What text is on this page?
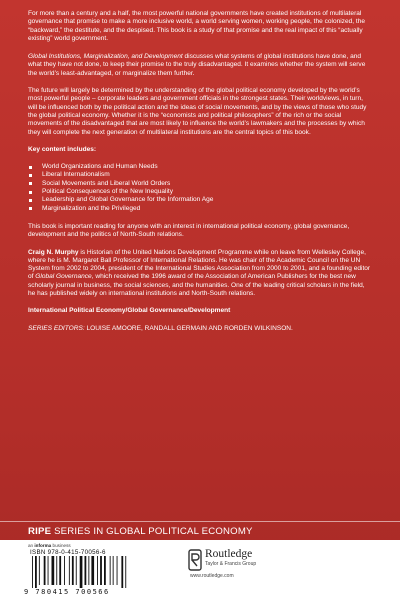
For more than a century and a half, the most powerful national governments have created institutions of multilateral governance that promise to make a more inclusive world, a world serving women, working people, the colonized, the “backward,” the destitute, and the despised. This book is a study of that promise and the real impact of this “actually existing” world government.

Global Institutions, Marginalization, and Development discusses what systems of global institutions have done, and what they have not done, to keep their promise to the truly disadvantaged. It examines whether the system will serve the world’s least-advantaged, or marginalize them further.

The future will largely be determined by the understanding of the global political economy developed by the world’s most powerful people – corporate leaders and government officials in the strongest states. Their worldviews, in turn, will be influenced both by the political action and the ideas of social movements, and by the views of those who study the global political economy. Whether it is the “economists and political philosophers” of the rich or the social movements of the disadvantaged that are most likely to influence the world’s lawmakers and the processes by which they will complete the next generation of multilateral institutions are the central topics of this book.

Key content includes:

World Organizations and Human Needs
Liberal Internationalism
Social Movements and Liberal World Orders
Political Consequences of the New Inequality
Leadership and Global Governance for the Information Age
Marginalization and the Privileged

This book is important reading for anyone with an interest in international political economy, global governance, development and the politics of North-South relations.

Craig N. Murphy is Historian of the United Nations Development Programme while on leave from Wellesley College, where he is M. Margaret Ball Professor of International Relations. He was chair of the Academic Council on the UN System from 2002 to 2004, president of the International Studies Association from 2000 to 2001, and a founding editor of Global Governance, which received the 1996 award of the Association of American Publishers for the best new scholarly journal in business, the social sciences, and the humanities. One of the leading critical scholars in the field, he has published widely on international institutions and North-South relations.

International Political Economy/Global Governance/Development

SERIES EDITORS: LOUISE AMOORE, RANDALL GERMAIN AND RORDEN WILKINSON.

RIPE SERIES IN GLOBAL POLITICAL ECONOMY
an informa business
ISBN 978-0-415-70056-6
9 780415 700566
Routledge
Taylor & Francis Group
www.routledge.com
